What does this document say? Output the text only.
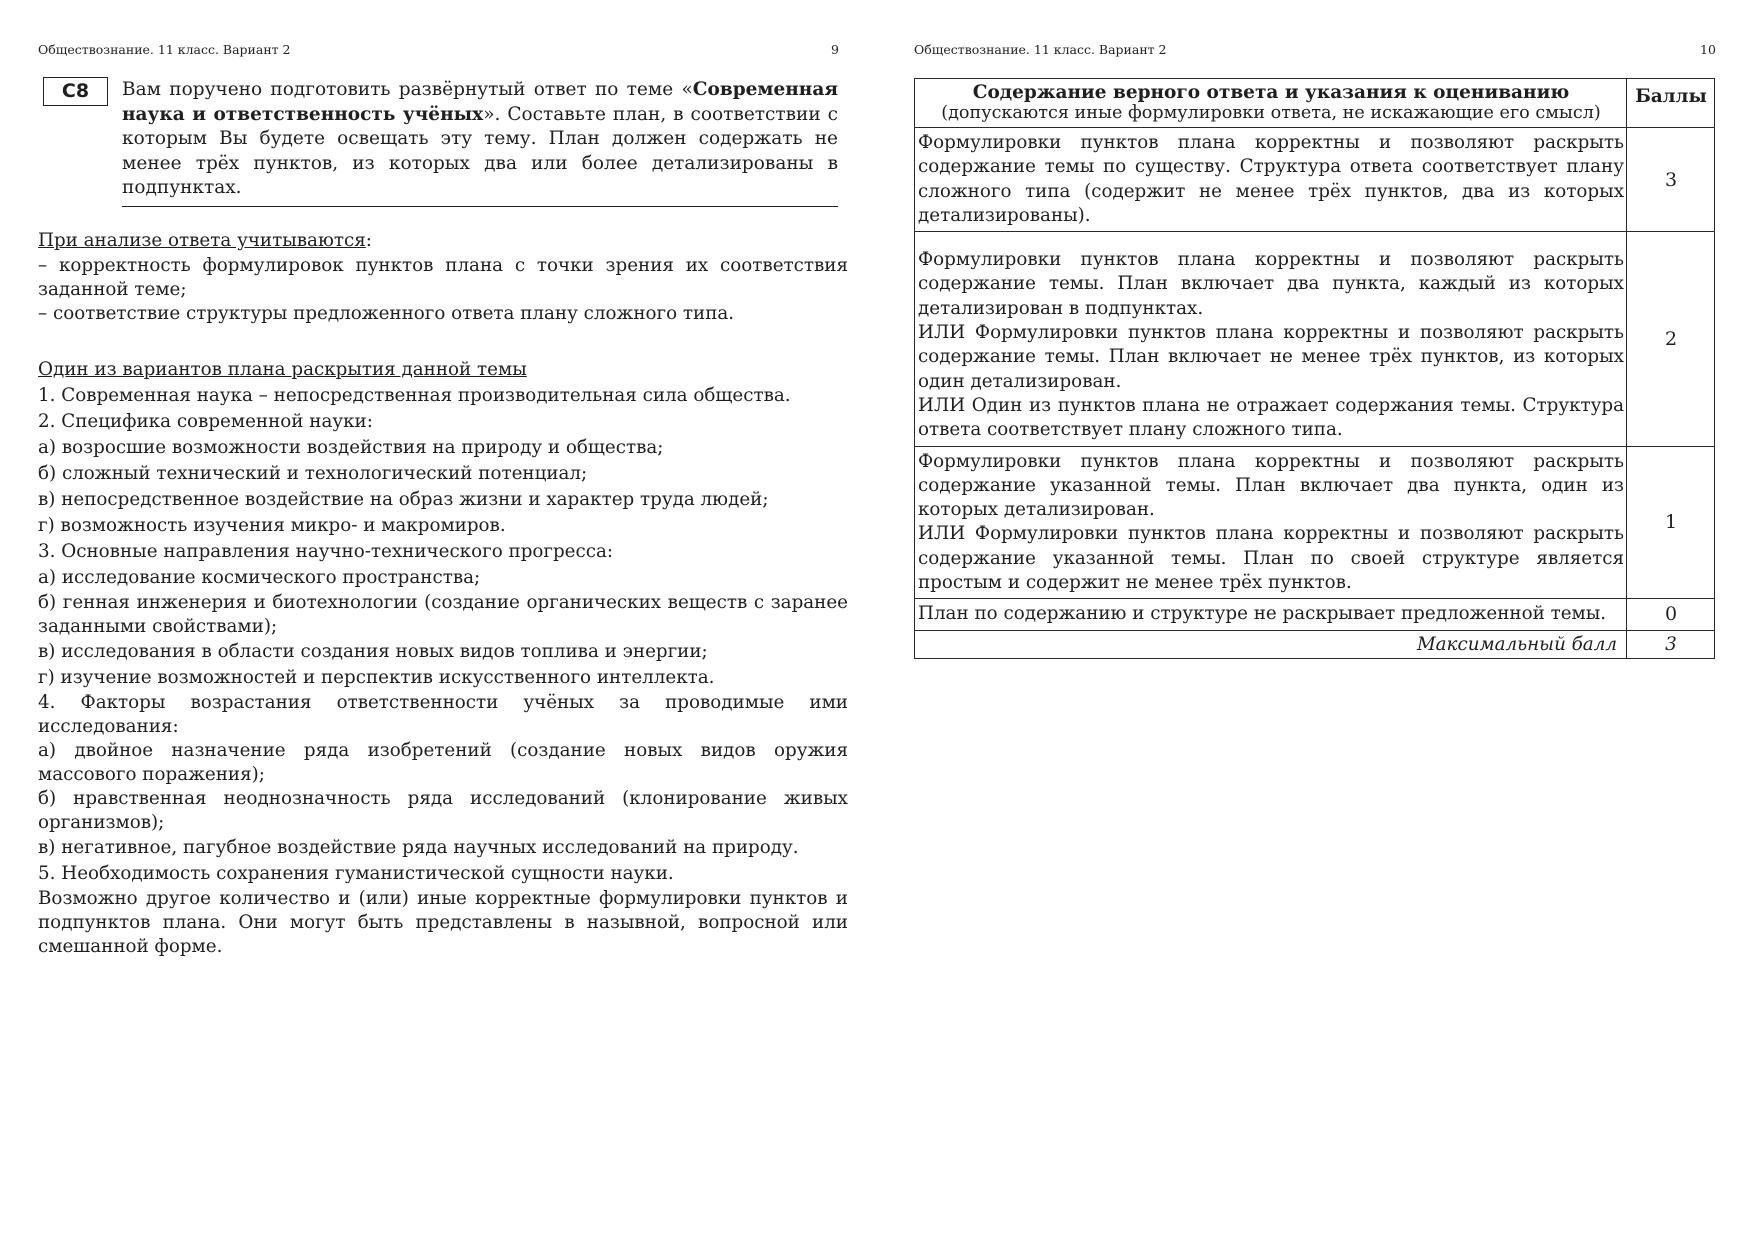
Обществознание. 11 класс. Вариант 2	9
С8	Вам поручено подготовить развёрнутый ответ по теме «Современная наука и ответственность учёных». Составьте план, в соответствии с которым Вы будете освещать эту тему. План должен содержать не менее трёх пунктов, из которых два или более детализированы в подпунктах.

При анализе ответа учитываются:

– корректность формулировок пунктов плана с точки зрения их соответствия заданной теме;

– соответствие структуры предложенного ответа плану сложного типа.

Один из вариантов плана раскрытия данной темы

1. Современная наука – непосредственная производительная сила общества.

2. Специфика современной науки:

а) возросшие возможности воздействия на природу и общества;

б) сложный технический и технологический потенциал;

в) непосредственное воздействие на образ жизни и характер труда людей;

г) возможность изучения микро- и макромиров.

3. Основные направления научно-технического прогресса:

а) исследование космического пространства;

б) генная инженерия и биотехнологии (создание органических веществ с заранее заданными свойствами);

в) исследования в области создания новых видов топлива и энергии;

г) изучение возможностей и перспектив искусственного интеллекта.

4. Факторы возрастания ответственности учёных за проводимые ими исследования:

а) двойное назначение ряда изобретений (создание новых видов оружия массового поражения);

б) нравственная неоднозначность ряда исследований (клонирование живых организмов);

в) негативное, пагубное воздействие ряда научных исследований на природу.

5. Необходимость сохранения гуманистической сущности науки.

Возможно другое количество и (или) иные корректные формулировки пунктов и подпунктов плана. Они могут быть представлены в назывной, вопросной или смешанной форме.

Обществознание. 11 класс. Вариант 2	10
Содержание верного ответа и указания к оцениванию
(допускаются иные формулировки ответа, не искажающие его смысл)	Баллы

Формулировки пунктов плана корректны и позволяют раскрыть содержание темы по существу. Структура ответа соответствует плану сложного типа (содержит не менее трёх пунктов, два из которых детализированы).	3

Формулировки пунктов плана корректны и позволяют раскрыть содержание темы. План включает два пункта, каждый из которых детализирован в подпунктах.

ИЛИ Формулировки пунктов плана корректны и позволяют раскрыть содержание темы. План включает не менее трёх пунктов, из которых один детализирован.

ИЛИ Один из пунктов плана не отражает содержания темы. Структура ответа соответствует плану сложного типа.	2

Формулировки пунктов плана корректны и позволяют раскрыть содержание указанной темы. План включает два пункта, один из которых детализирован.

ИЛИ Формулировки пунктов плана корректны и позволяют раскрыть содержание указанной темы. План по своей структуре является простым и содержит не менее трёх пунктов.	1

План по содержанию и структуре не раскрывает предложенной темы.	0
Максимальный балл	3
